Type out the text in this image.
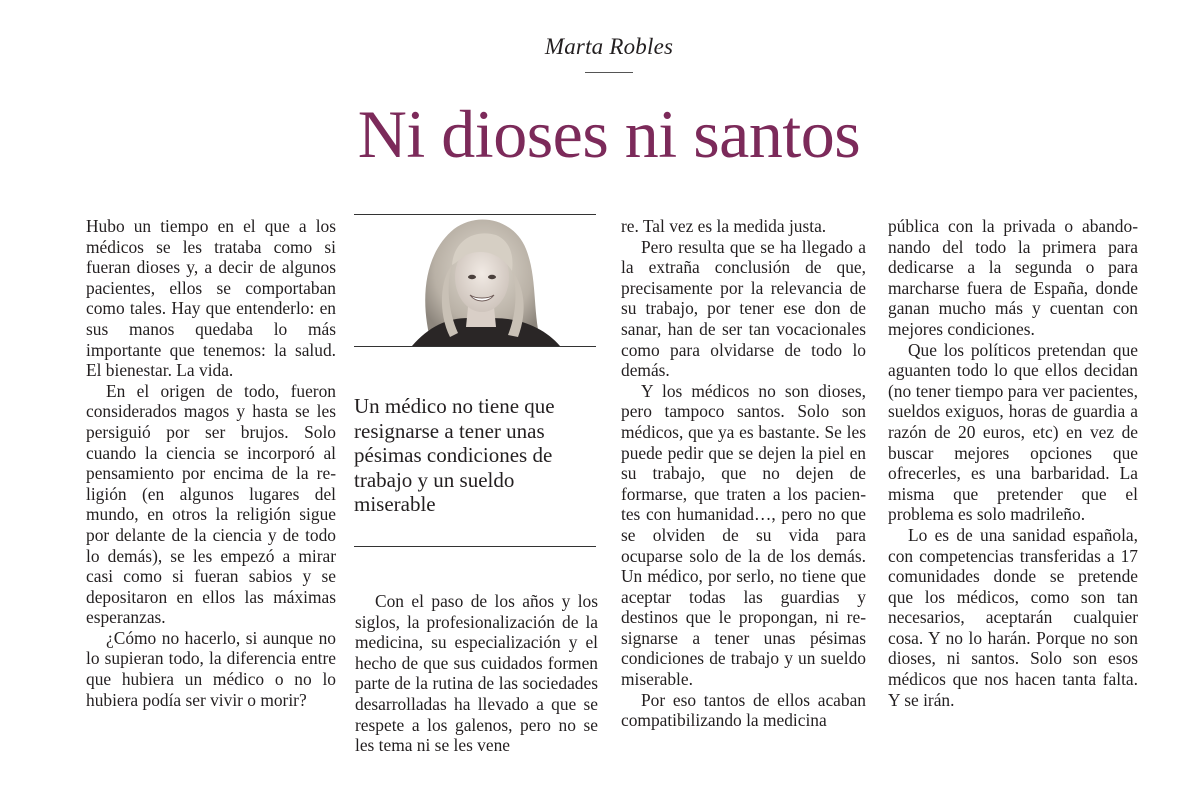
Marta Robles
Ni dioses ni santos

Hubo un tiempo en el que a los médicos se les trataba como si fueran dioses y, a decir de algunos pacientes, ellos se comportaban como tales. Hay que entenderlo: en sus manos quedaba lo más importante que tenemos: la salud. El bienestar. La vida.

En el origen de todo, fueron considerados magos y hasta se les persiguió por ser brujos. Solo cuando la ciencia se incorporó al pensamiento por encima de la religión (en algunos lugares del mundo, en otros la religión sigue por delante de la ciencia y de todo lo demás), se les empezó a mirar casi como si fueran sabios y se depositaron en ellos las máximas esperanzas.

¿Cómo no hacerlo, si aunque no lo supieran todo, la diferencia entre que hubiera un médico o no lo hubiera podía ser vivir o morir?

Un médico no tiene que resignarse a tener unas pésimas condiciones de trabajo y un sueldo miserable

Con el paso de los años y los siglos, la profesionalización de la medicina, su especialización y el hecho de que sus cuidados formen parte de la rutina de las sociedades desarrolladas ha llevado a que se respete a los galenos, pero no se les tema ni se les vene

re. Tal vez es la medida justa.

Pero resulta que se ha llegado a la extraña conclusión de que, precisamente por la relevancia de su trabajo, por tener ese don de sanar, han de ser tan vocacionales como para olvidarse de todo lo demás.

Y los médicos no son dioses, pero tampoco santos. Solo son médicos, que ya es bastante. Se les puede pedir que se dejen la piel en su trabajo, que no dejen de formarse, que traten a los pacientes con humanidad…, pero no que se olviden de su vida para ocuparse solo de la de los demás. Un médico, por serlo, no tiene que aceptar todas las guardias y destinos que le propongan, ni resignarse a tener unas pésimas condiciones de trabajo y un sueldo miserable.

Por eso tantos de ellos acaban compatibilizando la medicina

pública con la privada o abandonando del todo la primera para dedicarse a la segunda o para marcharse fuera de España, donde ganan mucho más y cuentan con mejores condiciones.

Que los políticos pretendan que aguanten todo lo que ellos decidan (no tener tiempo para ver pacientes, sueldos exiguos, horas de guardia a razón de 20 euros, etc) en vez de buscar mejores opciones que ofrecerles, es una barbaridad. La misma que pretender que el problema es solo madrileño.

Lo es de una sanidad española, con competencias transferidas a 17 comunidades donde se pretende que los médicos, como son tan necesarios, aceptarán cualquier cosa. Y no lo harán. Porque no son dioses, ni santos. Solo son esos médicos que nos hacen tanta falta. Y se irán.
